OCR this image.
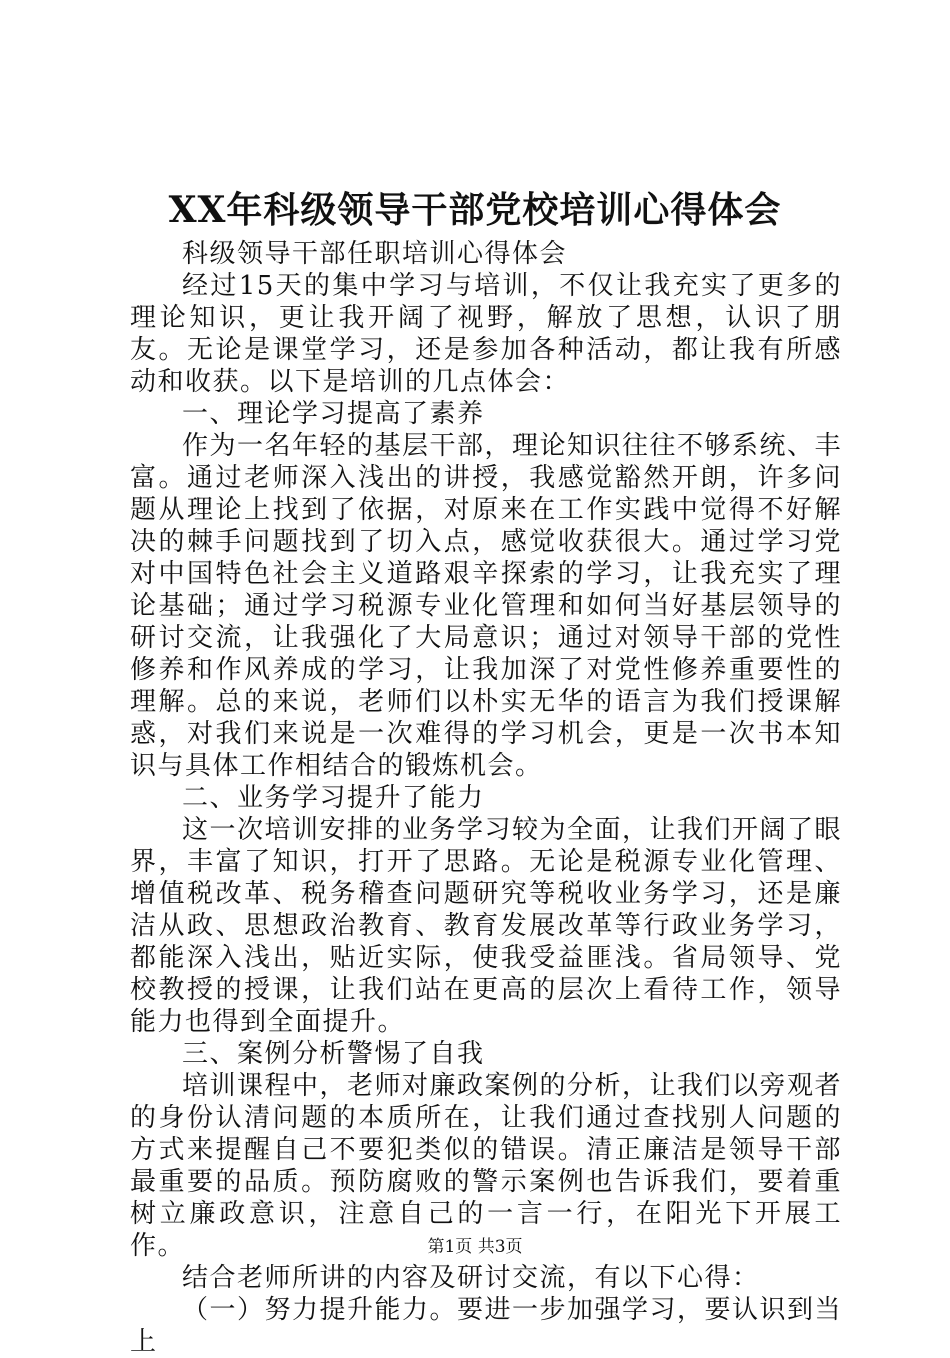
XX年科级领导干部党校培训心得体会

科级领导干部任职培训心得体会

经过15天的集中学习与培训，不仅让我充实了更多的理论知识，更让我开阔了视野，解放了思想，认识了朋友。无论是课堂学习，还是参加各种活动，都让我有所感动和收获。以下是培训的几点体会：

一、理论学习提高了素养

作为一名年轻的基层干部，理论知识往往不够系统、丰富。通过老师深入浅出的讲授，我感觉豁然开朗，许多问题从理论上找到了依据，对原来在工作实践中觉得不好解决的棘手问题找到了切入点，感觉收获很大。通过学习党对中国特色社会主义道路艰辛探索的学习，让我充实了理论基础；通过学习税源专业化管理和如何当好基层领导的研讨交流，让我强化了大局意识；通过对领导干部的党性修养和作风养成的学习，让我加深了对党性修养重要性的理解。总的来说，老师们以朴实无华的语言为我们授课解惑，对我们来说是一次难得的学习机会，更是一次书本知识与具体工作相结合的锻炼机会。

二、业务学习提升了能力

这一次培训安排的业务学习较为全面，让我们开阔了眼界，丰富了知识，打开了思路。无论是税源专业化管理、增值税改革、税务稽查问题研究等税收业务学习，还是廉洁从政、思想政治教育、教育发展改革等行政业务学习，都能深入浅出，贴近实际，使我受益匪浅。省局领导、党校教授的授课，让我们站在更高的层次上看待工作，领导能力也得到全面提升。

三、案例分析警惕了自我

培训课程中，老师对廉政案例的分析，让我们以旁观者的身份认清问题的本质所在，让我们通过查找别人问题的方式来提醒自己不要犯类似的错误。清正廉洁是领导干部最重要的品质。预防腐败的警示案例也告诉我们，要着重树立廉政意识，注意自己的一言一行，在阳光下开展工作。

结合老师所讲的内容及研讨交流，有以下心得：

（一）努力提升能力。要进一步加强学习，要认识到当上

第1页 共3页
